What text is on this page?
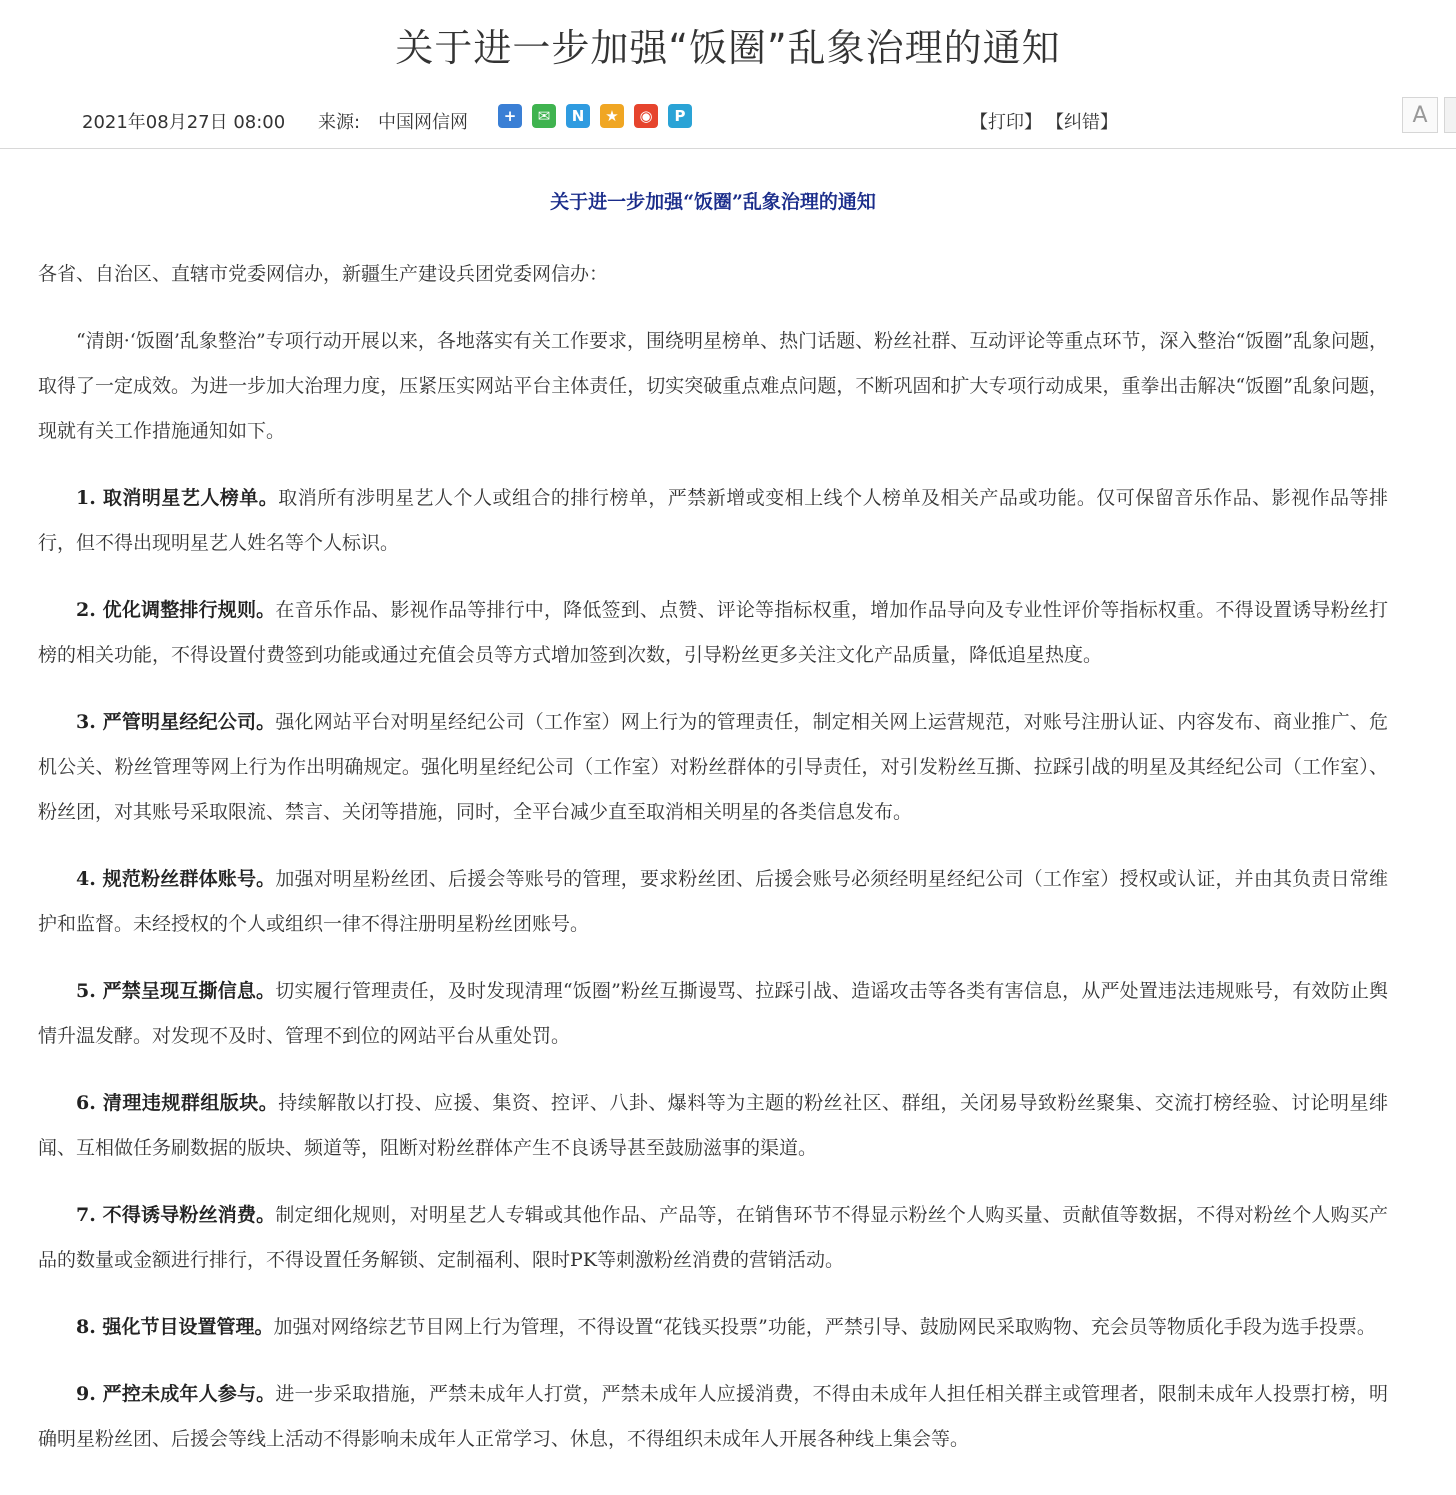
关于进一步加强“饭圈”乱象治理的通知
2021年08月27日 08:00 来源: 中国网信网	+	✉	N	★	◉	P	【打印】 【纠错】	A
关于进一步加强“饭圈”乱象治理的通知

各省、自治区、直辖市党委网信办，新疆生产建设兵团党委网信办：

“清朗·‘饭圈’乱象整治”专项行动开展以来，各地落实有关工作要求，围绕明星榜单、热门话题、粉丝社群、互动评论等重点环节，深入整治“饭圈”乱象问题，取得了一定成效。为进一步加大治理力度，压紧压实网站平台主体责任，切实突破重点难点问题，不断巩固和扩大专项行动成果，重拳出击解决“饭圈”乱象问题，现就有关工作措施通知如下。

1. 取消明星艺人榜单。取消所有涉明星艺人个人或组合的排行榜单，严禁新增或变相上线个人榜单及相关产品或功能。仅可保留音乐作品、影视作品等排行，但不得出现明星艺人姓名等个人标识。

2. 优化调整排行规则。在音乐作品、影视作品等排行中，降低签到、点赞、评论等指标权重，增加作品导向及专业性评价等指标权重。不得设置诱导粉丝打榜的相关功能，不得设置付费签到功能或通过充值会员等方式增加签到次数，引导粉丝更多关注文化产品质量，降低追星热度。

3. 严管明星经纪公司。强化网站平台对明星经纪公司（工作室）网上行为的管理责任，制定相关网上运营规范，对账号注册认证、内容发布、商业推广、危机公关、粉丝管理等网上行为作出明确规定。强化明星经纪公司（工作室）对粉丝群体的引导责任，对引发粉丝互撕、拉踩引战的明星及其经纪公司（工作室）、粉丝团，对其账号采取限流、禁言、关闭等措施，同时，全平台减少直至取消相关明星的各类信息发布。

4. 规范粉丝群体账号。加强对明星粉丝团、后援会等账号的管理，要求粉丝团、后援会账号必须经明星经纪公司（工作室）授权或认证，并由其负责日常维护和监督。未经授权的个人或组织一律不得注册明星粉丝团账号。

5. 严禁呈现互撕信息。切实履行管理责任，及时发现清理“饭圈”粉丝互撕谩骂、拉踩引战、造谣攻击等各类有害信息，从严处置违法违规账号，有效防止舆情升温发酵。对发现不及时、管理不到位的网站平台从重处罚。

6. 清理违规群组版块。持续解散以打投、应援、集资、控评、八卦、爆料等为主题的粉丝社区、群组，关闭易导致粉丝聚集、交流打榜经验、讨论明星绯闻、互相做任务刷数据的版块、频道等，阻断对粉丝群体产生不良诱导甚至鼓励滋事的渠道。

7. 不得诱导粉丝消费。制定细化规则，对明星艺人专辑或其他作品、产品等，在销售环节不得显示粉丝个人购买量、贡献值等数据，不得对粉丝个人购买产品的数量或金额进行排行，不得设置任务解锁、定制福利、限时PK等刺激粉丝消费的营销活动。

8. 强化节目设置管理。加强对网络综艺节目网上行为管理，不得设置“花钱买投票”功能，严禁引导、鼓励网民采取购物、充会员等物质化手段为选手投票。

9. 严控未成年人参与。进一步采取措施，严禁未成年人打赏，严禁未成年人应援消费，不得由未成年人担任相关群主或管理者，限制未成年人投票打榜，明确明星粉丝团、后援会等线上活动不得影响未成年人正常学习、休息，不得组织未成年人开展各种线上集会等。
